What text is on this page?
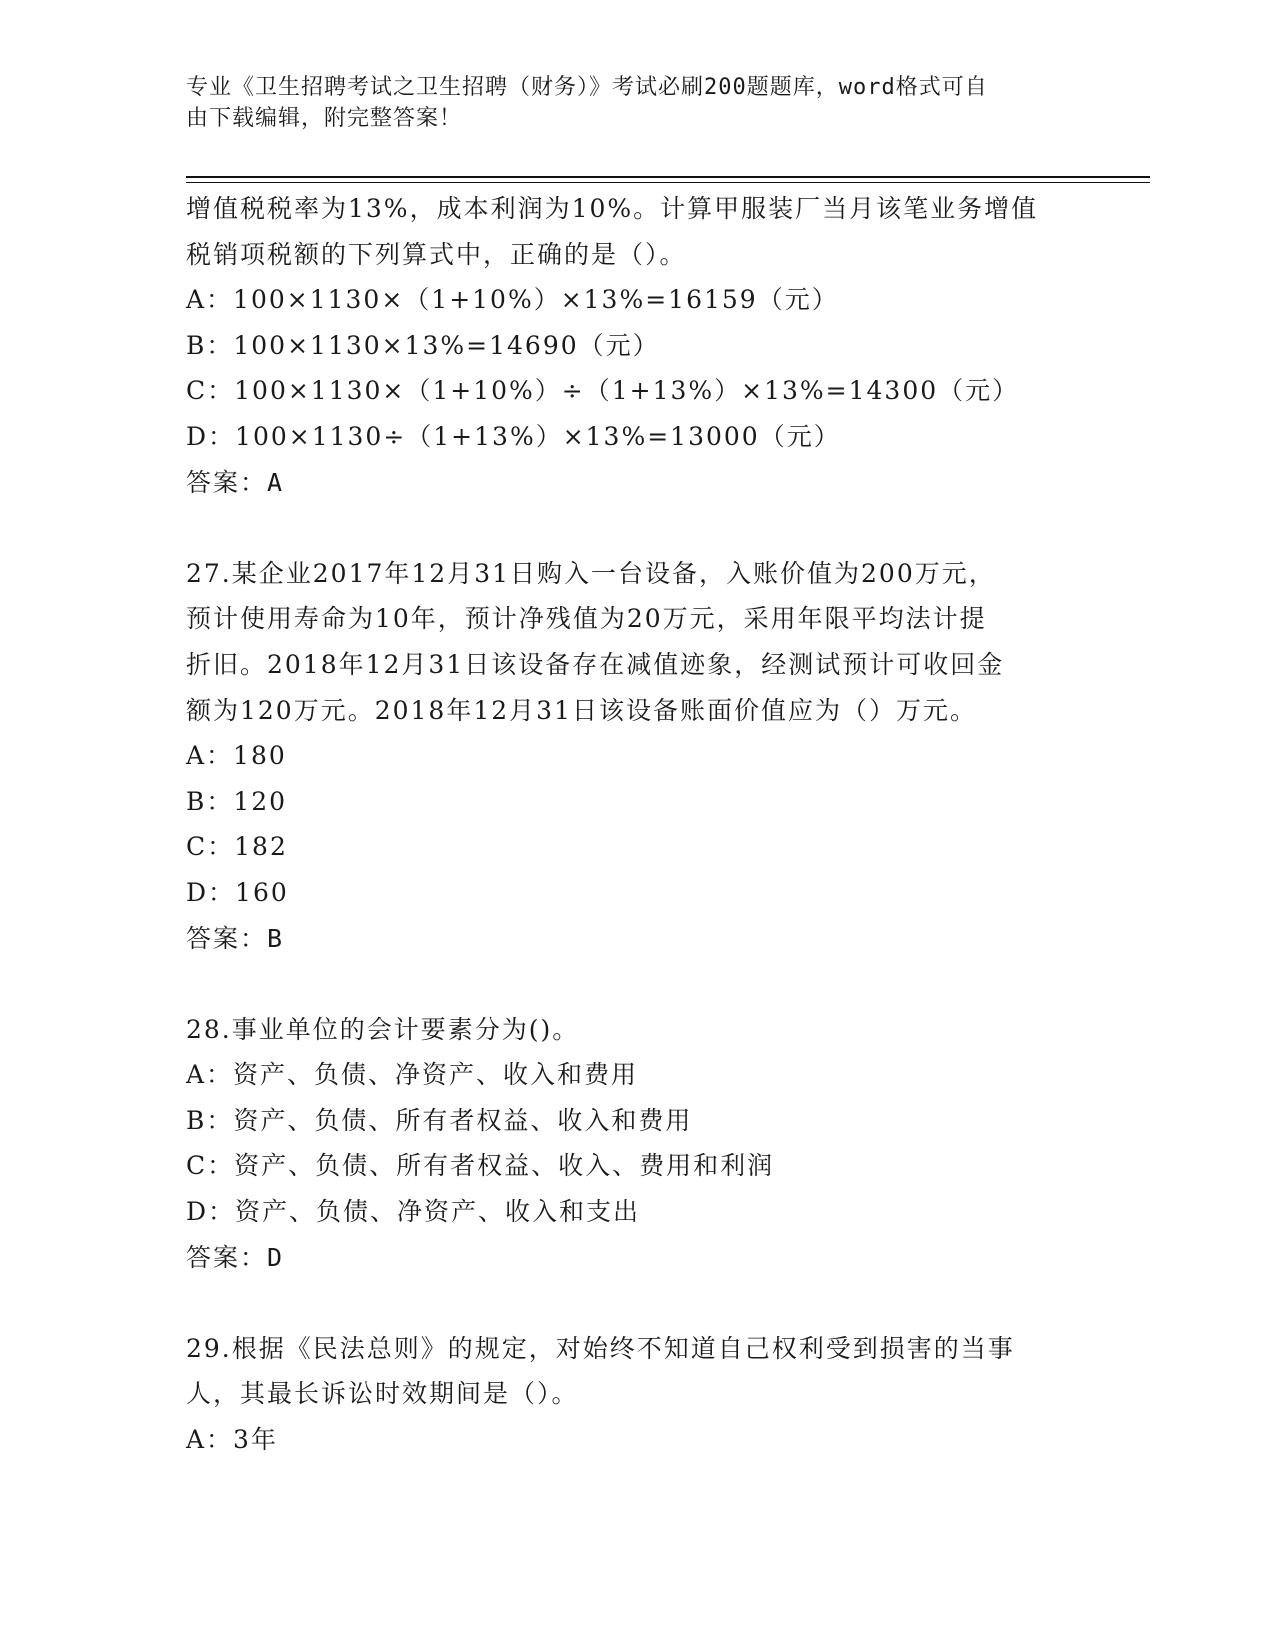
专业《卫生招聘考试之卫生招聘（财务）》考试必刷200题题库，word格式可自
由下载编辑，附完整答案！
增值税税率为13%，成本利润为10%。计算甲服装厂当月该笔业务增值
税销项税额的下列算式中，正确的是（）。
A：100×1130×（1+10%）×13%=16159（元）
B：100×1130×13%=14690（元）
C：100×1130×（1+10%）÷（1+13%）×13%=14300（元）
D：100×1130÷（1+13%）×13%=13000（元）
答案：A
27.某企业2017年12月31日购入一台设备，入账价值为200万元，
预计使用寿命为10年，预计净残值为20万元，采用年限平均法计提
折旧。2018年12月31日该设备存在减值迹象，经测试预计可收回金
额为120万元。2018年12月31日该设备账面价值应为（）万元。
A：180
B：120
C：182
D：160
答案：B
28.事业单位的会计要素分为()。
A：资产、负债、净资产、收入和费用
B：资产、负债、所有者权益、收入和费用
C：资产、负债、所有者权益、收入、费用和利润
D：资产、负债、净资产、收入和支出
答案：D
29.根据《民法总则》的规定，对始终不知道自己权利受到损害的当事
人，其最长诉讼时效期间是（）。
A：3年
